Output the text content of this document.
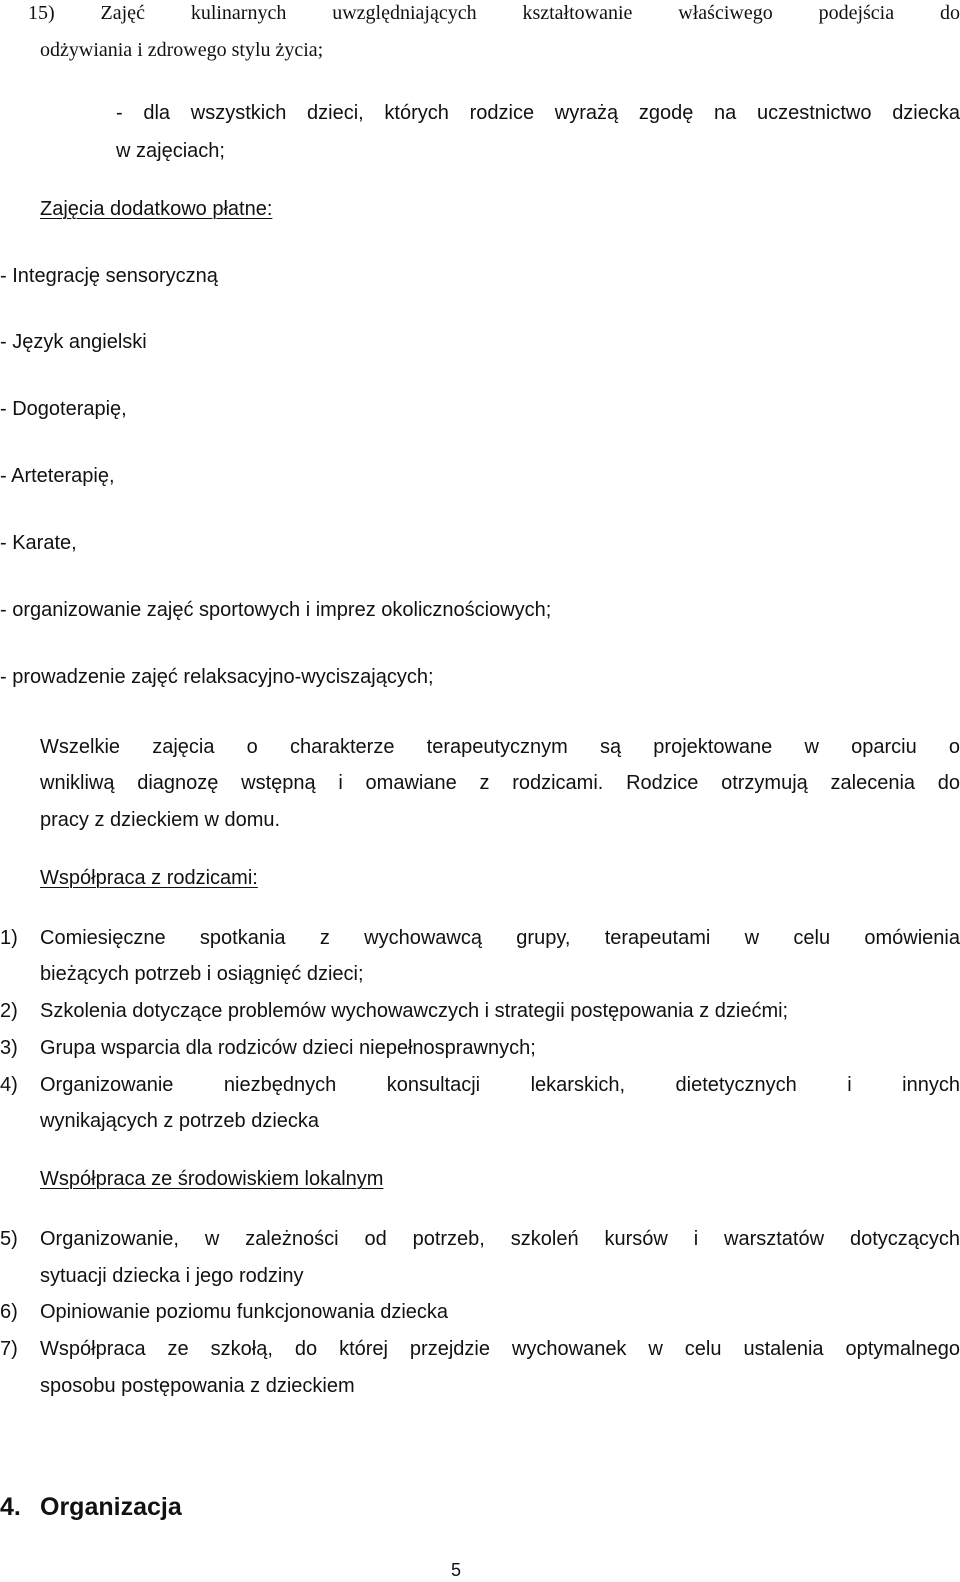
15) Zajęć kulinarnych uwzględniających kształtowanie właściwego podejścia do
odżywiania i zdrowego stylu życia;
- dla wszystkich dzieci, których rodzice wyrażą zgodę na uczestnictwo dziecka
w zajęciach;
Zajęcia dodatkowo płatne:
- Integrację sensoryczną
- Język angielski
- Dogoterapię,
- Arteterapię,
- Karate,
- organizowanie zajęć sportowych i imprez okolicznościowych;
- prowadzenie zajęć relaksacyjno-wyciszających;
Wszelkie zajęcia o charakterze terapeutycznym są projektowane w oparciu o
wnikliwą diagnozę wstępną i omawiane z rodzicami. Rodzice otrzymują zalecenia do
pracy z dzieckiem w domu.
Współpraca z rodzicami:
1) Comiesięczne spotkania z wychowawcą grupy, terapeutami w celu omówienia
bieżących potrzeb i osiągnięć dzieci;
2) Szkolenia dotyczące problemów wychowawczych i strategii postępowania z dziećmi;
3) Grupa wsparcia dla rodziców dzieci niepełnosprawnych;
4) Organizowanie niezbędnych konsultacji lekarskich, dietetycznych i innych
wynikających z potrzeb dziecka
Współpraca ze środowiskiem lokalnym
5) Organizowanie, w zależności od potrzeb, szkoleń kursów i warsztatów dotyczących
sytuacji dziecka i jego rodziny
6) Opiniowanie poziomu funkcjonowania dziecka
7) Współpraca ze szkołą, do której przejdzie wychowanek w celu ustalenia optymalnego
sposobu postępowania z dzieckiem
4. Organizacja
5
